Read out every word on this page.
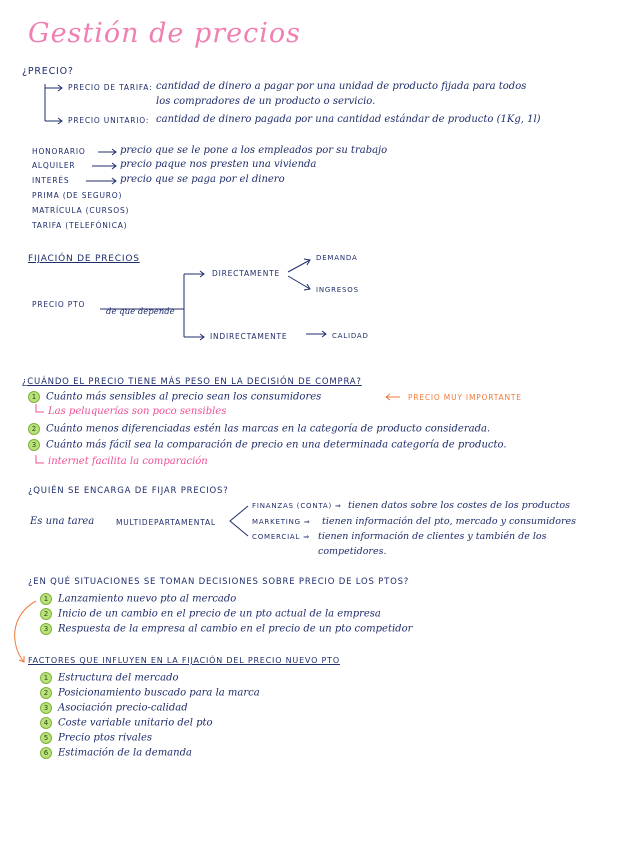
Gestión de precios
¿PRECIO?
PRECIO DE TARIFA: cantidad de dinero a pagar por una unidad de producto fijada para todos
los compradores de un producto o servicio.
PRECIO UNITARIO: cantidad de dinero pagada por una cantidad estándar de producto (1Kg, 1l)
HONORARIO	precio que se le pone a los empleados por su trabajo
ALQUILER	precio paque nos presten una vivienda
INTERÉS	precio que se paga por el dinero
PRIMA (DE SEGURO)
MATRÍCULA (CURSOS)
TARIFA (TELEFÓNICA)
FIJACIÓN DE PRECIOS
PRECIO PTO
de que depende
DIRECTAMENTE
DEMANDA
INGRESOS
INDIRECTAMENTE	CALIDAD
¿CUÁNDO EL PRECIO TIENE MÁS PESO EN LA DECISIÓN DE COMPRA?
1 Cuánto más sensibles al precio sean los consumidores	PRECIO MUY IMPORTANTE
Las peluquerías son poco sensibles
2 Cuánto menos diferenciadas estén las marcas en la categoría de producto considerada.
3 Cuánto más fácil sea la comparación de precio en una determinada categoría de producto.
internet facilita la comparación
¿QUIÉN SE ENCARGA DE FIJAR PRECIOS?
Es una tarea	MULTIDEPARTAMENTAL
FINANZAS (CONTA) ⇒ tienen datos sobre los costes de los productos
MARKETING ⇒ tienen información del pto, mercado y consumidores
COMERCIAL ⇒ tienen información de clientes y también de los
competidores.
¿EN QUÉ SITUACIONES SE TOMAN DECISIONES SOBRE PRECIO DE LOS PTOS?
1 Lanzamiento nuevo pto al mercado
2 Inicio de un cambio en el precio de un pto actual de la empresa
3 Respuesta de la empresa al cambio en el precio de un pto competidor
FACTORES QUE INFLUYEN EN LA FIJACIÓN DEL PRECIO NUEVO PTO
1 Estructura del mercado
2 Posicionamiento buscado para la marca
3 Asociación precio-calidad
4 Coste variable unitario del pto
5 Precio ptos rivales
6 Estimación de la demanda
